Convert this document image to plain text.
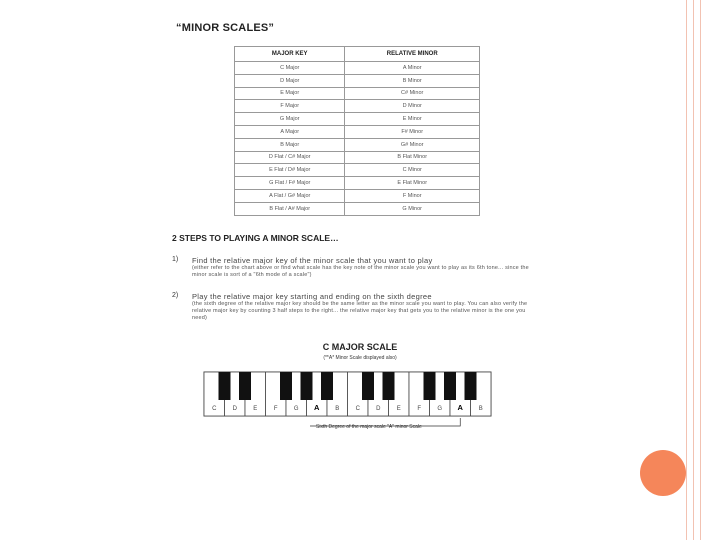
“MINOR SCALES”
MAJOR KEY	RELATIVE MINOR
C Major	A Minor
D Major	B Minor
E Major	C# Minor
F Major	D Minor
G Major	E Minor
A Major	F# Minor
B Major	G# Minor
D Flat / C# Major	B Flat Minor
E Flat / D# Major	C Minor
G Flat / F# Major	E Flat Minor
A Flat / G# Major	F Minor
B Flat / A# Major	G Minor
2 STEPS TO PLAYING A MINOR SCALE…
1) Find the relative major key of the minor scale that you want to play
(either refer to the chart above or find what scale has the key note of the minor scale you want to play as its 6th tone... since the minor scale is sort of a "6th mode of a scale")
2) Play the relative major key starting and ending on the sixth degree
(the sixth degree of the relative major key should be the same letter as the minor scale you want to play. You can also verify the relative major key by counting 3 half steps to the right... the relative major key that gets you to the relative minor is the one you need)
C MAJOR SCALE
(**A* Minor Scale displayed also)
C	D	E	F	G A	B	C	D	E	F	G A	B
Sixth Degree of the major scale "A" minor Scale
